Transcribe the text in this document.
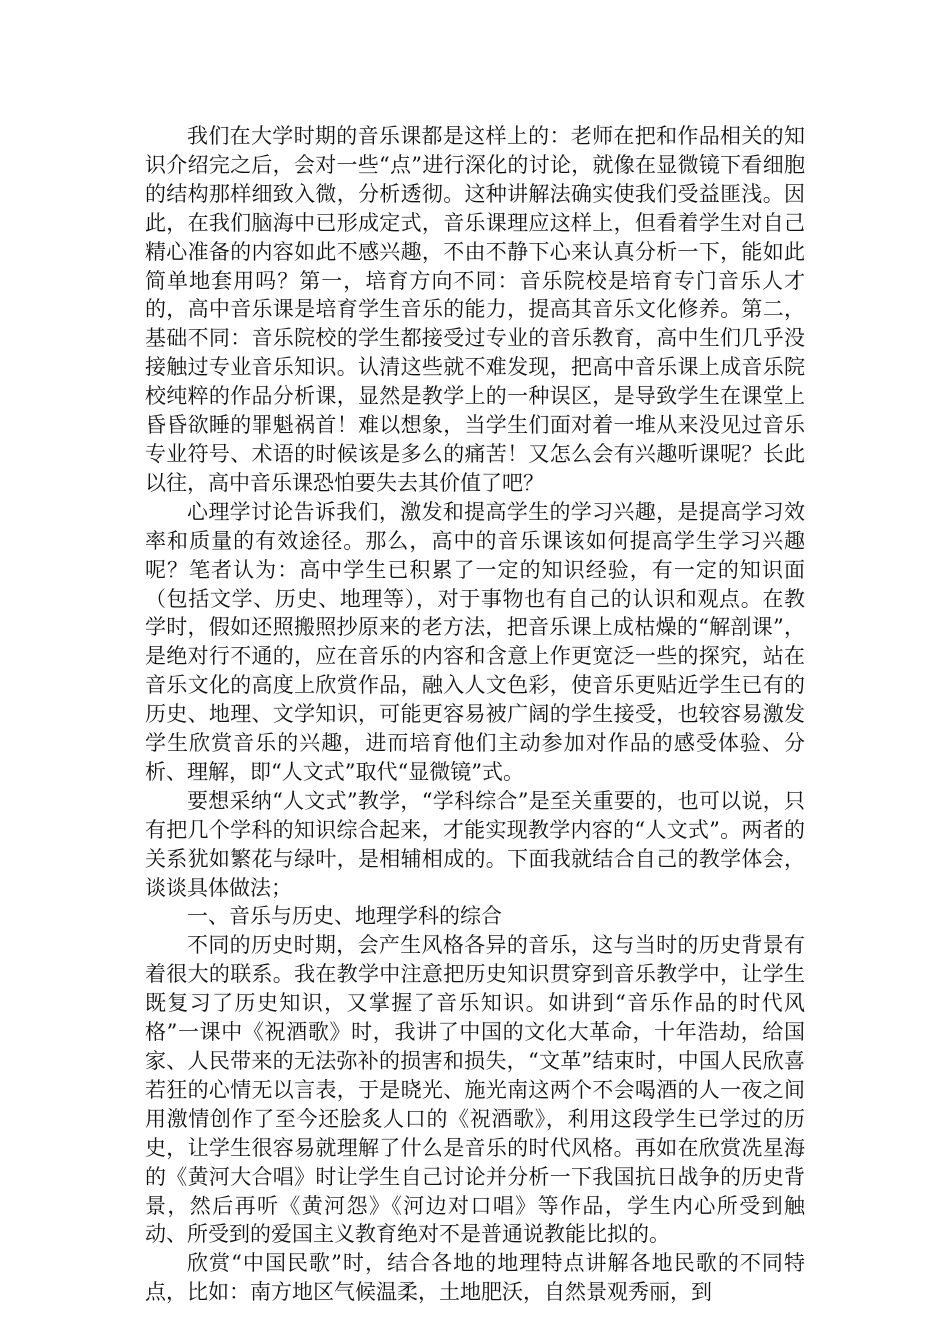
我们在大学时期的音乐课都是这样上的：老师在把和作品相关的知识介绍完之后，会对一些“点”进行深化的讨论，就像在显微镜下看细胞的结构那样细致入微，分析透彻。这种讲解法确实使我们受益匪浅。因此，在我们脑海中已形成定式，音乐课理应这样上，但看着学生对自己精心准备的内容如此不感兴趣，不由不静下心来认真分析一下，能如此简单地套用吗？第一，培育方向不同：音乐院校是培育专门音乐人才的，高中音乐课是培育学生音乐的能力，提高其音乐文化修养。第二，基础不同：音乐院校的学生都接受过专业的音乐教育，高中生们几乎没接触过专业音乐知识。认清这些就不难发现，把高中音乐课上成音乐院校纯粹的作品分析课，显然是教学上的一种误区，是导致学生在课堂上昏昏欲睡的罪魁祸首！难以想象，当学生们面对着一堆从来没见过音乐专业符号、术语的时候该是多么的痛苦！又怎么会有兴趣听课呢？长此以往，高中音乐课恐怕要失去其价值了吧？

心理学讨论告诉我们，激发和提高学生的学习兴趣，是提高学习效率和质量的有效途径。那么，高中的音乐课该如何提高学生学习兴趣呢？笔者认为：高中学生已积累了一定的知识经验，有一定的知识面（包括文学、历史、地理等），对于事物也有自己的认识和观点。在教学时，假如还照搬照抄原来的老方法，把音乐课上成枯燥的“解剖课”，是绝对行不通的，应在音乐的内容和含意上作更宽泛一些的探究，站在音乐文化的高度上欣赏作品，融入人文色彩，使音乐更贴近学生已有的历史、地理、文学知识，可能更容易被广阔的学生接受，也较容易激发学生欣赏音乐的兴趣，进而培育他们主动参加对作品的感受体验、分析、理解，即“人文式”取代“显微镜”式。

要想采纳“人文式”教学，“学科综合”是至关重要的，也可以说，只有把几个学科的知识综合起来，才能实现教学内容的“人文式”。两者的关系犹如繁花与绿叶，是相辅相成的。下面我就结合自己的教学体会，谈谈具体做法；

一、音乐与历史、地理学科的综合

不同的历史时期，会产生风格各异的音乐，这与当时的历史背景有着很大的联系。我在教学中注意把历史知识贯穿到音乐教学中，让学生既复习了历史知识，又掌握了音乐知识。如讲到“音乐作品的时代风格”一课中《祝酒歌》时，我讲了中国的文化大革命，十年浩劫，给国家、人民带来的无法弥补的损害和损失，“文革”结束时，中国人民欣喜若狂的心情无以言表，于是晓光、施光南这两个不会喝酒的人一夜之间用激情创作了至今还脍炙人口的《祝酒歌》，利用这段学生已学过的历史，让学生很容易就理解了什么是音乐的时代风格。再如在欣赏冼星海的《黄河大合唱》时让学生自己讨论并分析一下我国抗日战争的历史背景，然后再听《黄河怨》《河边对口唱》等作品，学生内心所受到触动、所受到的爱国主义教育绝对不是普通说教能比拟的。

欣赏“中国民歌”时，结合各地的地理特点讲解各地民歌的不同特点，比如：南方地区气候温柔，土地肥沃，自然景观秀丽，到
